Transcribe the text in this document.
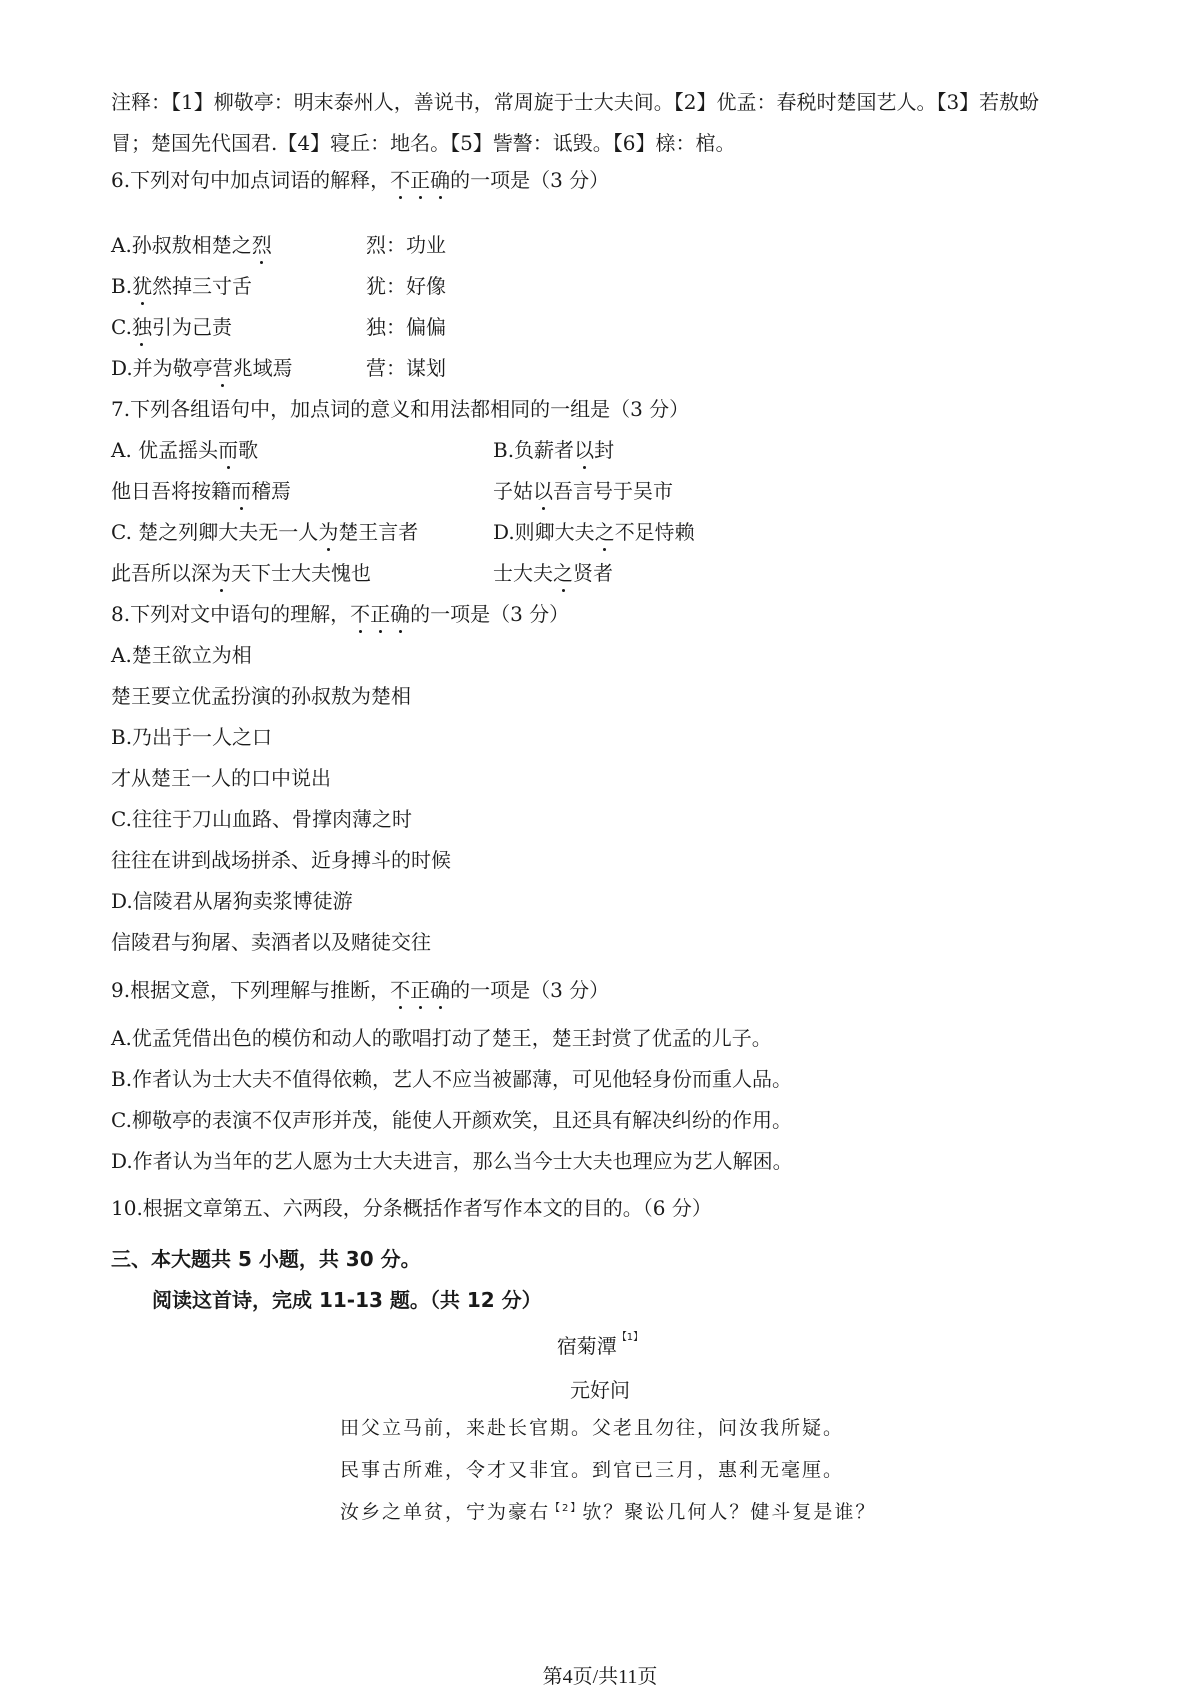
注释：【1】柳敬亭：明末泰州人，善说书，常周旋于士大夫间。【2】优孟：春税时楚国艺人。【3】若敖蚡
冒；楚国先代国君.【4】寝丘：地名。【5】訾謷：诋毁。【6】榇：棺。
6.下列对句中加点词语的解释，不正确的一项是（3 分）
A.孙叔敖相楚之烈	烈：功业
B.犹然掉三寸舌	犹：好像
C.独引为己责	独：偏偏
D.并为敬亭营兆域焉	营：谋划
7.下列各组语句中，加点词的意义和用法都相同的一组是（3 分）
A. 优孟摇头而歌	B.负薪者以封
他日吾将按籍而稽焉	子姑以吾言号于吴市
C. 楚之列卿大夫无一人为楚王言者	D.则卿大夫之不足恃赖
此吾所以深为天下士大夫愧也	士大夫之贤者
8.下列对文中语句的理解，不正确的一项是（3 分）
A.楚王欲立为相
楚王要立优孟扮演的孙叔敖为楚相
B.乃出于一人之口
才从楚王一人的口中说出
C.往往于刀山血路、骨撑肉薄之时
往往在讲到战场拼杀、近身搏斗的时候
D.信陵君从屠狗卖浆博徒游
信陵君与狗屠、卖酒者以及赌徒交往
9.根据文意，下列理解与推断，不正确的一项是（3 分）
A.优孟凭借出色的模仿和动人的歌唱打动了楚王，楚王封赏了优孟的儿子。
B.作者认为士大夫不值得依赖，艺人不应当被鄙薄，可见他轻身份而重人品。
C.柳敬亭的表演不仅声形并茂，能使人开颜欢笑，且还具有解决纠纷的作用。
D.作者认为当年的艺人愿为士大夫进言，那么当今士大夫也理应为艺人解困。
10.根据文章第五、六两段，分条概括作者写作本文的目的。（6 分）
三、本大题共 5 小题，共 30 分。
阅读这首诗，完成 11-13 题。（共 12 分）
宿菊潭$^{【1】}$
元好问
田父立马前，来赴长官期。父老且勿往，问汝我所疑。
民事古所难，令才又非宜。到官已三月，惠利无毫厘。
汝乡之单贫，宁为豪右$^{【2】}$欤？聚讼几何人？健斗复是谁？
第4页/共11页
